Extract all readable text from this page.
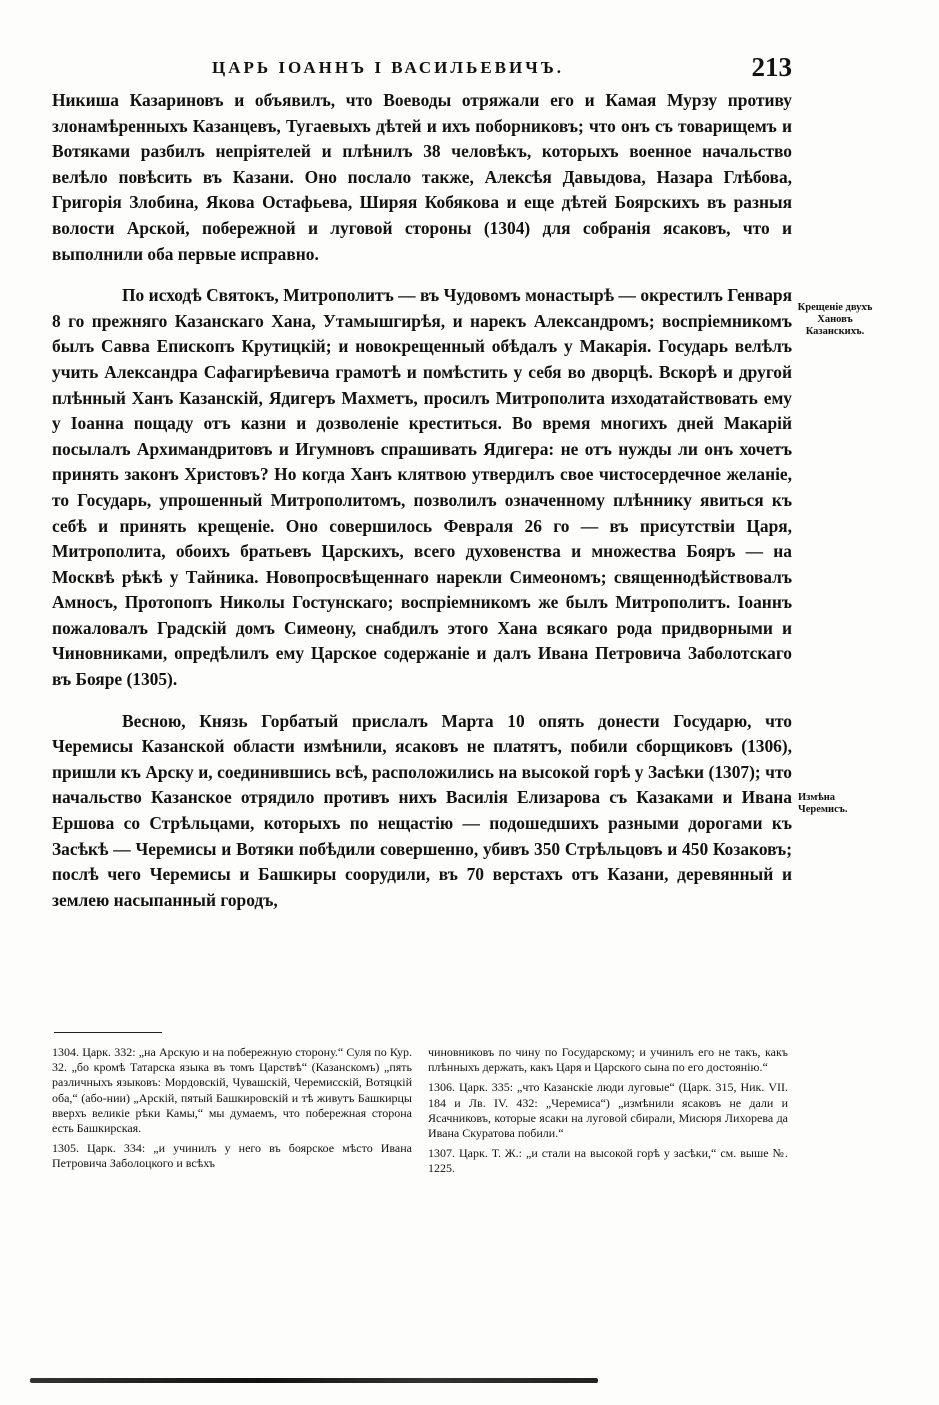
ЦАРЬ ІОАННЪ І ВАСИЛЬЕВИЧЪ.	213

Никиша Казариновъ и объявилъ, что Воеводы отряжали его и Камая Мурзу противу злонамѣренныхъ Казанцевъ, Тугаевыхъ дѣтей и ихъ поборниковъ; что онъ съ товарищемъ и Вотяками разбилъ непріятелей и плѣнилъ 38 человѣкъ, которыхъ военное начальство велѣло повѣсить въ Казани. Оно послало также, Алексѣя Давыдова, Назара Глѣбова, Григорія Злобина, Якова Остафьева, Ширяя Кобякова и еще дѣтей Боярскихъ въ разныя волости Арской, побережной и луговой стороны (1304) для собранія ясаковъ, что и выполнили оба первые исправно.

По исходѣ Святокъ, Митрополитъ — въ Чудовомъ монастырѣ — окрестилъ Генваря 8 го прежняго Казанскаго Хана, Утамышгирѣя, и нарекъ Александромъ; воспріемникомъ былъ Савва Епископъ Крутицкій; и новокрещенный обѣдалъ у Макарія. Государь велѣлъ учить Александра Сафагирѣевича грамотѣ и помѣстить у себя во дворцѣ. Вскорѣ и другой плѣнный Ханъ Казанскій, Ядигеръ Махметъ, просилъ Митрополита изходатайствовать ему у Іоанна пощаду отъ казни и дозволеніе креститься. Во время многихъ дней Макарій посылалъ Архимандритовъ и Игумновъ спрашивать Ядигера: не отъ нужды ли онъ хочетъ принять законъ Христовъ? Но когда Ханъ клятвою утвердилъ свое чистосердечное желаніе, то Государь, упрошенный Митрополитомъ, позволилъ означенному плѣннику явиться къ себѣ и принять крещеніе. Оно совершилось Февраля 26 го — въ присутствіи Царя, Митрополита, обоихъ братьевъ Царскихъ, всего духовенства и множества Бояръ — на Москвѣ рѣкѣ у Тайника. Новопросвѣщеннаго нарекли Симеономъ; священнодѣйствовалъ Амносъ, Протопопъ Николы Гостунскаго; воспріемникомъ же былъ Митрополитъ. Іоаннъ пожаловалъ Градскій домъ Симеону, снабдилъ этого Хана всякаго рода придворными и Чиновниками, опредѣлилъ ему Царское содержаніе и далъ Ивана Петровича Заболотскаго въ Бояре (1305).

Весною, Князь Горбатый прислалъ Марта 10 опять донести Государю, что Черемисы Казанской области измѣнили, ясаковъ не платятъ, побили сборщиковъ (1306), пришли къ Арску и, соединившись всѣ, расположились на высокой горѣ у Засѣки (1307); что начальство Казанское отрядило противъ нихъ Василія Елизарова съ Казаками и Ивана Ершова со Стрѣльцами, которыхъ по нещастію — подошедшихъ разными дорогами къ Засѣкѣ — Черемисы и Вотяки побѣдили совершенно, убивъ 350 Стрѣльцовъ и 450 Козаковъ; послѣ чего Черемисы и Башкиры соорудили, въ 70 верстахъ отъ Казани, деревянный и землею насыпанный городъ,

Крещеніе двухъ Хановъ Казанскихъ.
Измѣна Черемисъ.

1304. Царк. 332: „на Арскую и на побережную сторону.“ Суля по Кур. 32. „бо кромѣ Татарска языка въ томъ Царствѣ“ (Казанскомъ) „пять различныхъ языковъ: Мордовскій, Чувашскій, Черемисскій, Вотяцкій оба,“ (або-нии) „Арскій, пятый Башкировскій и тѣ живутъ Башкирцы вверхъ великіе рѣки Камы,“ мы думаемъ, что побережная сторона есть Башкирская.

1305. Царк. 334: „и учинилъ у него въ боярское мѣсто Ивана Петровича Заболоцкого и всѣхъ

чиновниковъ по чину по Государскому; и учинилъ его не такъ, какъ плѣнныхъ держать, какъ Царя и Царского сына по его достоянію.“

1306. Царк. 335: „что Казанскіе люди луговые“ (Царк. 315, Ник. VII. 184 и Лв. IV. 432: „Черемиса“) „измѣнили ясаковъ не дали и Ясачниковъ, которые ясаки на луговой сбирали, Мисюря Лихорева да Ивана Скуратова побили.“

1307. Царк. Т. Ж.: „и стали на высокой горѣ у засѣки,“ см. выше №. 1225.
